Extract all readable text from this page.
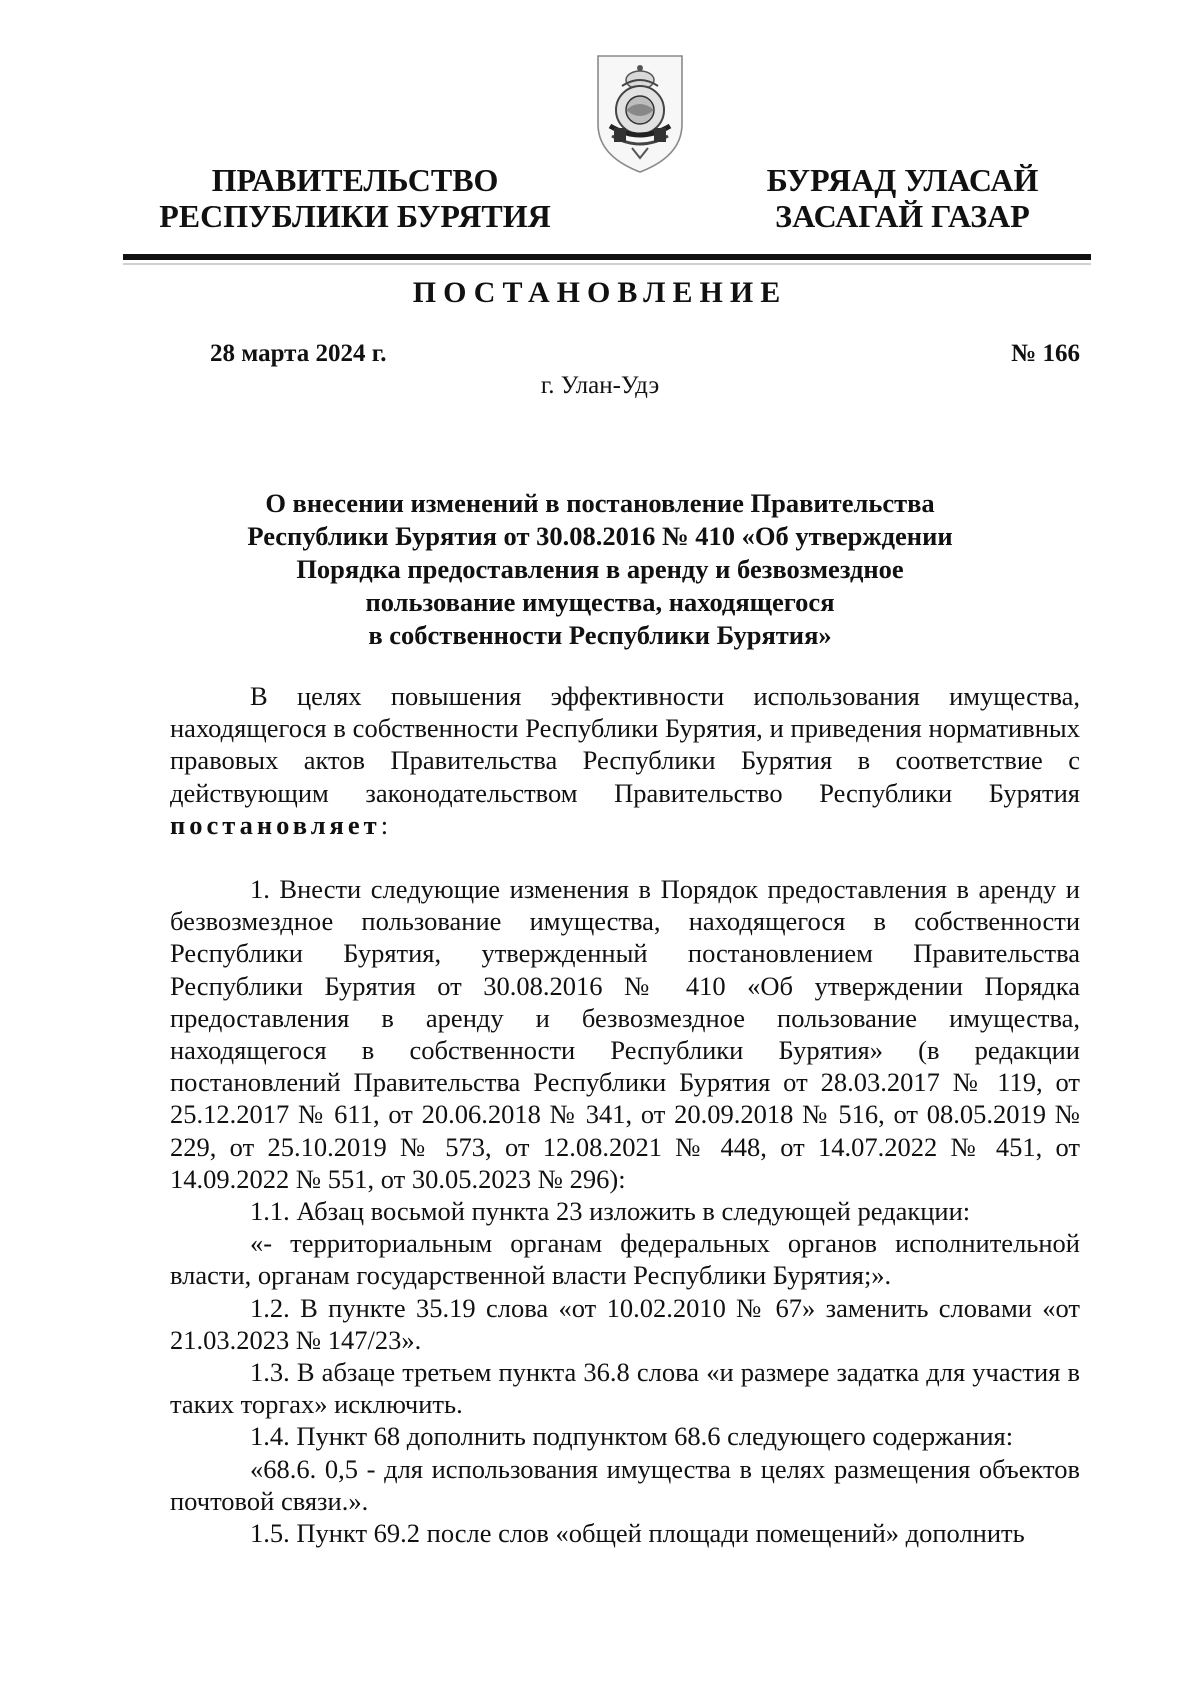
ПРАВИТЕЛЬСТВО
РЕСПУБЛИКИ БУРЯТИЯ
БУРЯАД УЛАСАЙ
ЗАСАГАЙ ГАЗАР
ПОСТАНОВЛЕНИЕ
28 марта 2024 г.	№ 166
г. Улан-Удэ
О внесении изменений в постановление Правительства
Республики Бурятия от 30.08.2016 № 410 «Об утверждении
Порядка предоставления в аренду и безвозмездное
пользование имущества, находящегося
в собственности Республики Бурятия»

В целях повышения эффективности использования имущества, находящегося в собственности Республики Бурятия, и приведения нормативных правовых актов Правительства Республики Бурятия в соответствие с действующим законодательством Правительство Республики Бурятия постановляет:

1. Внести следующие изменения в Порядок предоставления в аренду и безвозмездное пользование имущества, находящегося в собственности Республики Бурятия, утвержденный постановлением Правительства Республики Бурятия от 30.08.2016 № 410 «Об утверждении Порядка предоставления в аренду и безвозмездное пользование имущества, находящегося в собственности Республики Бурятия» (в редакции постановлений Правительства Республики Бурятия от 28.03.2017 № 119, от 25.12.2017 № 611, от 20.06.2018 № 341, от 20.09.2018 № 516, от 08.05.2019 № 229, от 25.10.2019 № 573, от 12.08.2021 № 448, от 14.07.2022 № 451, от 14.09.2022 № 551, от 30.05.2023 № 296):

1.1. Абзац восьмой пункта 23 изложить в следующей редакции:

«- территориальным органам федеральных органов исполнительной власти, органам государственной власти Республики Бурятия;».

1.2. В пункте 35.19 слова «от 10.02.2010 № 67» заменить словами «от 21.03.2023 № 147/23».

1.3. В абзаце третьем пункта 36.8 слова «и размере задатка для участия в таких торгах» исключить.

1.4. Пункт 68 дополнить подпунктом 68.6 следующего содержания:

«68.6. 0,5 - для использования имущества в целях размещения объектов почтовой связи.».

1.5. Пункт 69.2 после слов «общей площади помещений» дополнить
